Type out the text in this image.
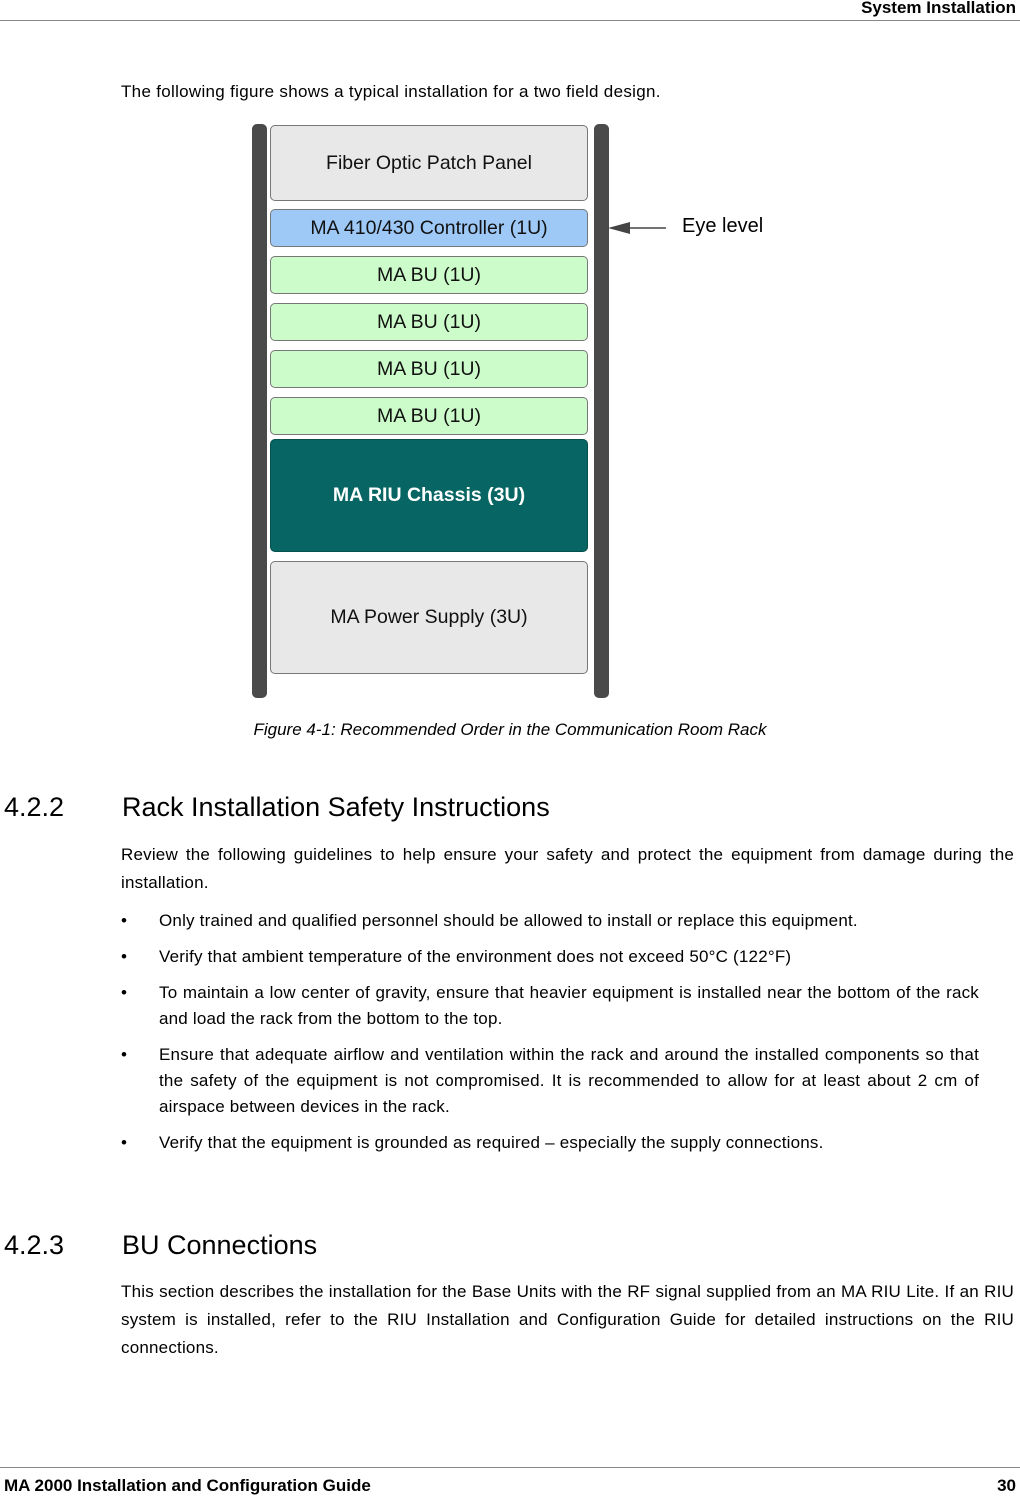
System Installation
The following figure shows a typical installation for a two field design.
Fiber Optic Patch Panel
MA 410/430 Controller (1U)
MA BU (1U)
MA BU (1U)
MA BU (1U)
MA BU (1U)
MA RIU Chassis (3U)
MA Power Supply (3U)
Eye level
Figure 4-1: Recommended Order in the Communication Room Rack
4.2.2 Rack Installation Safety Instructions
Review the following guidelines to help ensure your safety and protect the equipment from damage during the installation.
• Only trained and qualified personnel should be allowed to install or replace this equipment.
• Verify that ambient temperature of the environment does not exceed 50°C (122°F)
• To maintain a low center of gravity, ensure that heavier equipment is installed near the bottom of the rack and load the rack from the bottom to the top.
• Ensure that adequate airflow and ventilation within the rack and around the installed components so that the safety of the equipment is not compromised. It is recommended to allow for at least about 2 cm of airspace between devices in the rack.
• Verify that the equipment is grounded as required – especially the supply connections.
4.2.3 BU Connections
This section describes the installation for the Base Units with the RF signal supplied from an MA RIU Lite. If an RIU system is installed, refer to the RIU Installation and Configuration Guide for detailed instructions on the RIU connections.
MA 2000 Installation and Configuration Guide	30
